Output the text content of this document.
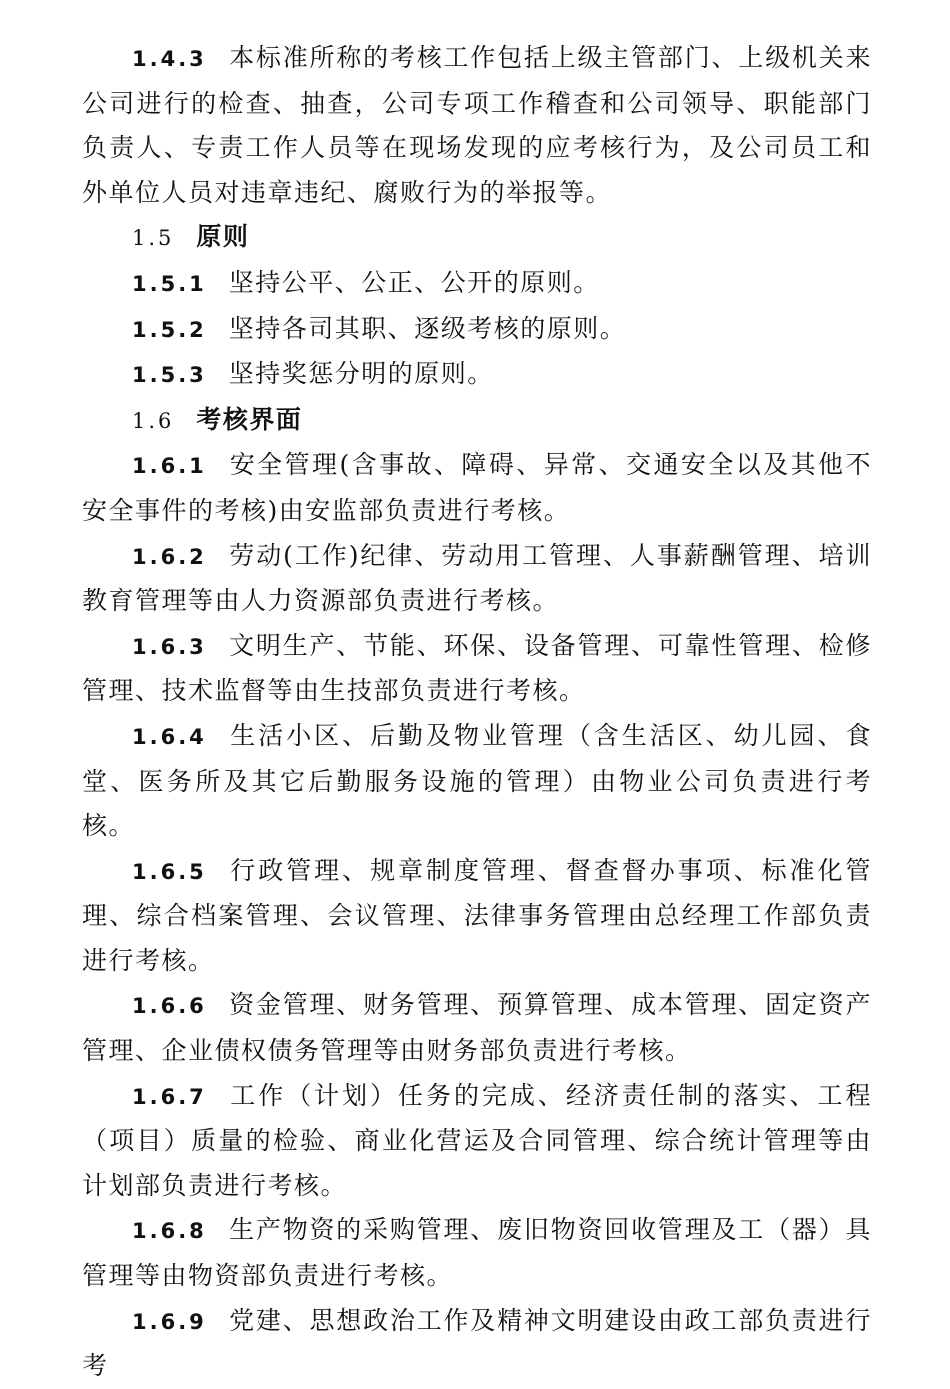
1.4.3 本标准所称的考核工作包括上级主管部门、上级机关来公司进行的检查、抽查，公司专项工作稽查和公司领导、职能部门负责人、专责工作人员等在现场发现的应考核行为，及公司员工和外单位人员对违章违纪、腐败行为的举报等。

1.5 原则

1.5.1 坚持公平、公正、公开的原则。

1.5.2 坚持各司其职、逐级考核的原则。

1.5.3 坚持奖惩分明的原则。

1.6 考核界面

1.6.1 安全管理(含事故、障碍、异常、交通安全以及其他不安全事件的考核)由安监部负责进行考核。

1.6.2 劳动(工作)纪律、劳动用工管理、人事薪酬管理、培训教育管理等由人力资源部负责进行考核。

1.6.3 文明生产、节能、环保、设备管理、可靠性管理、检修管理、技术监督等由生技部负责进行考核。

1.6.4 生活小区、后勤及物业管理（含生活区、幼儿园、食堂、医务所及其它后勤服务设施的管理）由物业公司负责进行考核。

1.6.5 行政管理、规章制度管理、督查督办事项、标准化管理、综合档案管理、会议管理、法律事务管理由总经理工作部负责进行考核。

1.6.6 资金管理、财务管理、预算管理、成本管理、固定资产管理、企业债权债务管理等由财务部负责进行考核。

1.6.7 工作（计划）任务的完成、经济责任制的落实、工程（项目）质量的检验、商业化营运及合同管理、综合统计管理等由计划部负责进行考核。

1.6.8 生产物资的采购管理、废旧物资回收管理及工（器）具管理等由物资部负责进行考核。

1.6.9 党建、思想政治工作及精神文明建设由政工部负责进行考
